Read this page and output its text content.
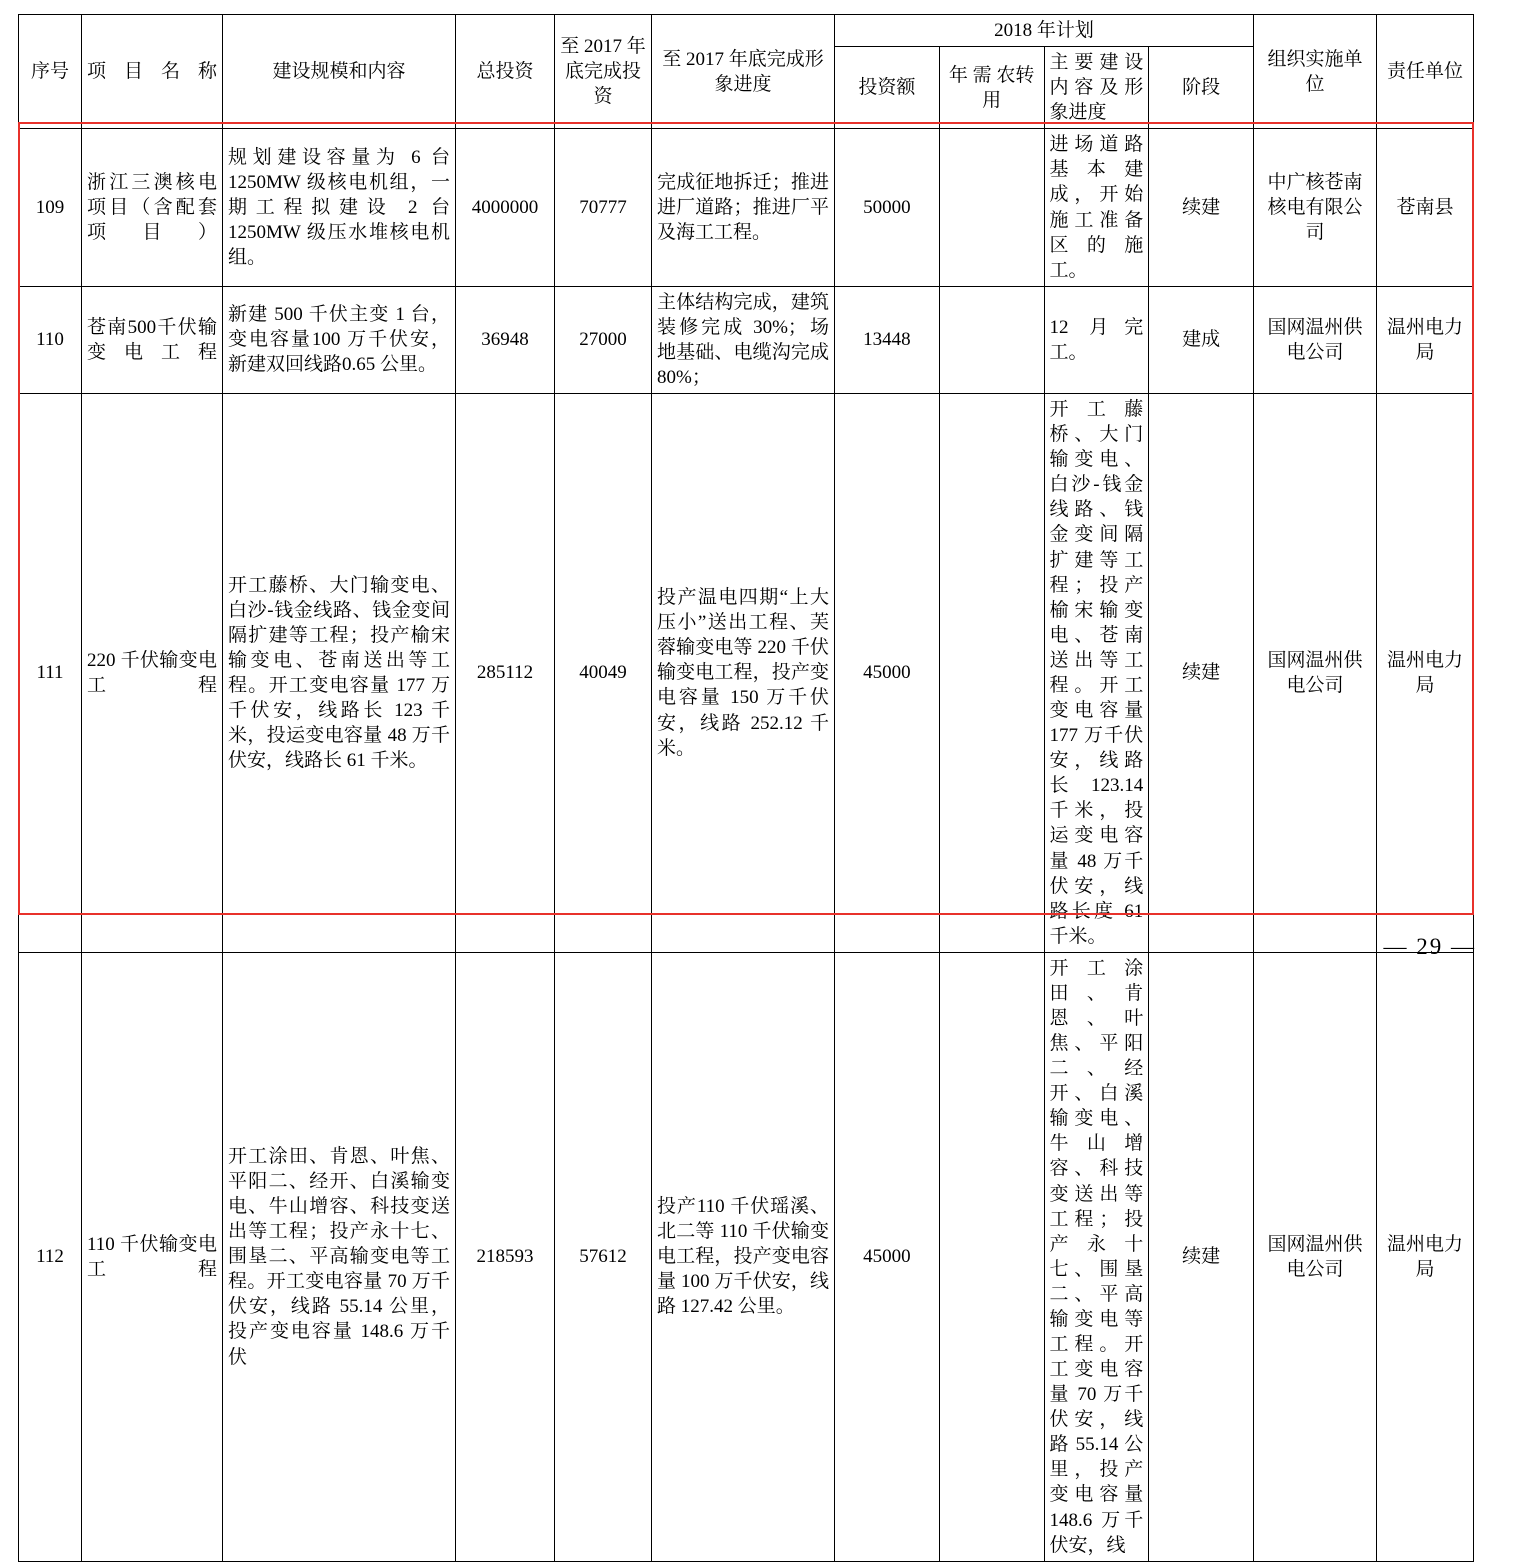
序号	项目名称	建设规模和内容	总投资	至 2017 年底完成投资	至 2017 年底完成形象进度	2018 年计划				组织实施单位	责任单位
						投资额	年 需 农转用	主要建设内容及形象进度	阶段		
109	浙江三澳核电项目（含配套项目）	规划建设容量为 6 台 1250MW 级核电机组，一期工程拟建设 2 台 1250MW 级压水堆核电机组。	4000000	70777	完成征地拆迁；推进进厂道路；推进厂平及海工工程。	50000		进场道路基本建成，开始施工准备区的施工。	续建	中广核苍南核电有限公司	苍南县
110	苍南500千伏输变电工程	新建 500 千伏主变 1 台，变电容量100 万千伏安，新建双回线路0.65 公里。	36948	27000	主体结构完成，建筑装修完成 30%；场地基础、电缆沟完成 80%；	13448		12 月完工。	建成	国网温州供电公司	温州电力局
111	220 千伏输变电工程	开工藤桥、大门输变电、白沙-钱金线路、钱金变间隔扩建等工程；投产榆宋输变电、苍南送出等工程。开工变电容量 177 万千伏安，线路长 123 千米，投运变电容量 48 万千伏安，线路长 61 千米。	285112	40049	投产温电四期“上大压小”送出工程、芙蓉输变电等 220 千伏输变电工程，投产变电容量 150 万千伏安，线路 252.12 千米。	45000		开工藤桥、大门输变电、白沙-钱金线路、钱金变间隔扩建等工程；投产榆宋输变电、苍南送出等工程。开工变电容量 177 万千伏安，线路长 123.14 千米，投运变电容量 48 万千伏安，线路长度 61 千米。	续建	国网温州供电公司	温州电力局
112	110 千伏输变电工程	开工涂田、肯恩、叶焦、平阳二、经开、白溪输变电、牛山增容、科技变送出等工程；投产永十七、围垦二、平高输变电等工程。开工变电容量 70 万千伏安，线路 55.14 公里，投产变电容量 148.6 万千伏	218593	57612	投产110 千伏瑶溪、北二等 110 千伏输变电工程，投产变电容量 100 万千伏安，线路 127.42 公里。	45000		开工涂田、肯恩、叶焦、平阳二、经开、白溪输变电、牛山增容、科技变送出等工程；投产永十七、围垦二、平高输变电等工程。开工变电容量 70 万千伏安，线路 55.14 公里，投产变电容量 148.6 万千伏安，线	续建	国网温州供电公司	温州电力局
— 29 —
